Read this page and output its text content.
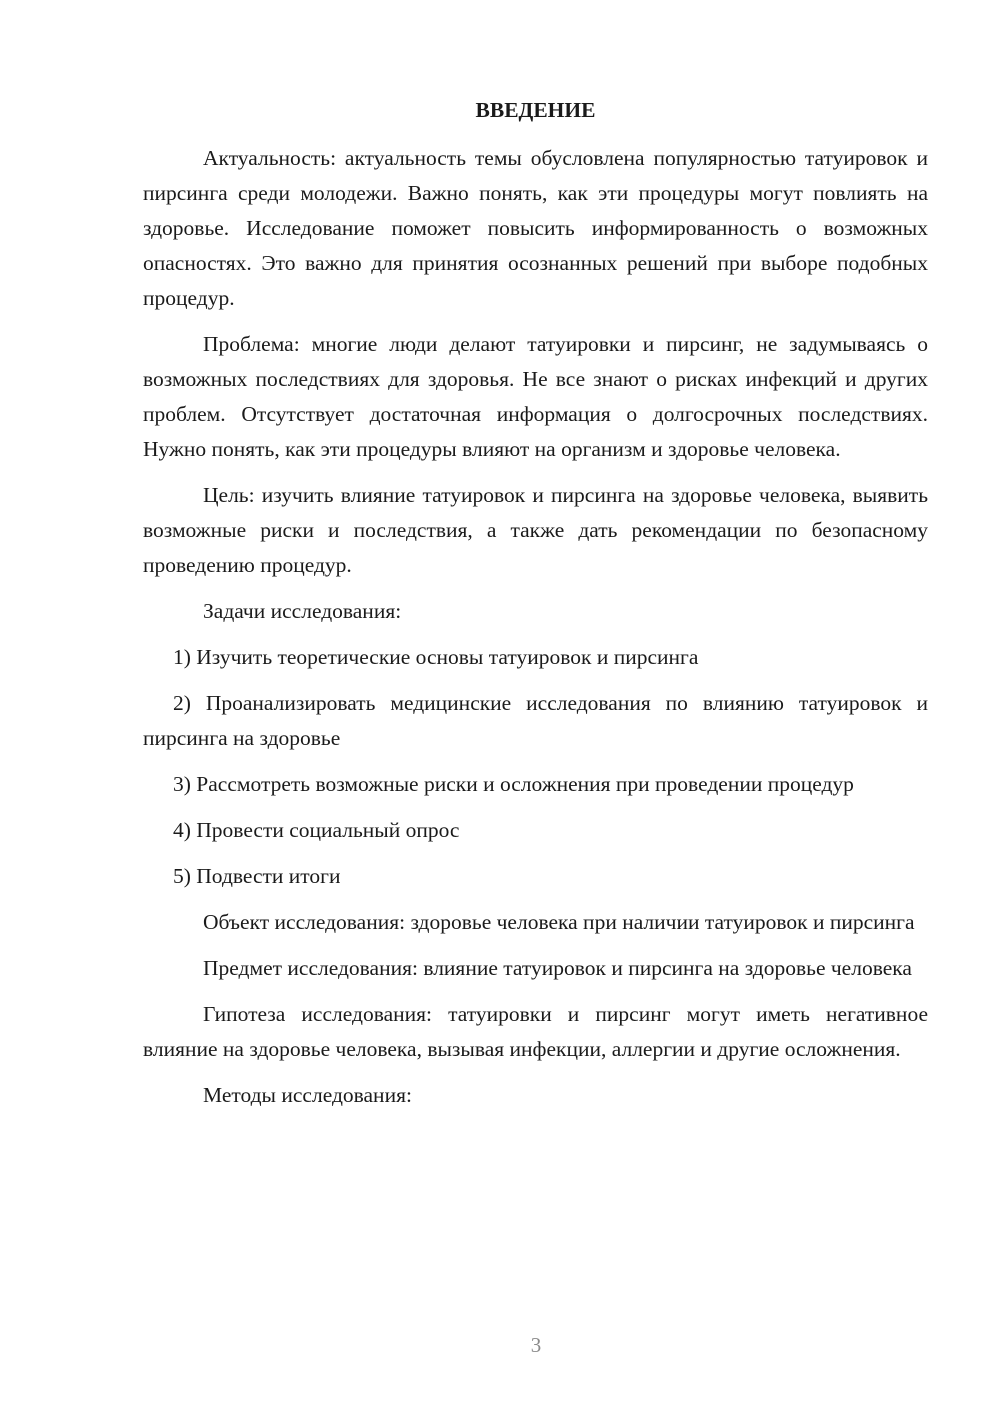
ВВЕДЕНИЕ

Актуальность: актуальность темы обусловлена популярностью татуировок и пирсинга среди молодежи. Важно понять, как эти процедуры могут повлиять на здоровье. Исследование поможет повысить информированность о возможных опасностях. Это важно для принятия осознанных решений при выборе подобных процедур.

Проблема: многие люди делают татуировки и пирсинг, не задумываясь о возможных последствиях для здоровья. Не все знают о рисках инфекций и других проблем. Отсутствует достаточная информация о долгосрочных последствиях. Нужно понять, как эти процедуры влияют на организм и здоровье человека.

Цель: изучить влияние татуировок и пирсинга на здоровье человека, выявить возможные риски и последствия, а также дать рекомендации по безопасному проведению процедур.

Задачи исследования:

1) Изучить теоретические основы татуировок и пирсинга

2) Проанализировать медицинские исследования по влиянию татуировок и пирсинга на здоровье

3) Рассмотреть возможные риски и осложнения при проведении процедур

4) Провести социальный опрос

5) Подвести итоги

Объект исследования: здоровье человека при наличии татуировок и пирсинга

Предмет исследования: влияние татуировок и пирсинга на здоровье человека

Гипотеза исследования: татуировки и пирсинг могут иметь негативное влияние на здоровье человека, вызывая инфекции, аллергии и другие осложнения.

Методы исследования:

3
